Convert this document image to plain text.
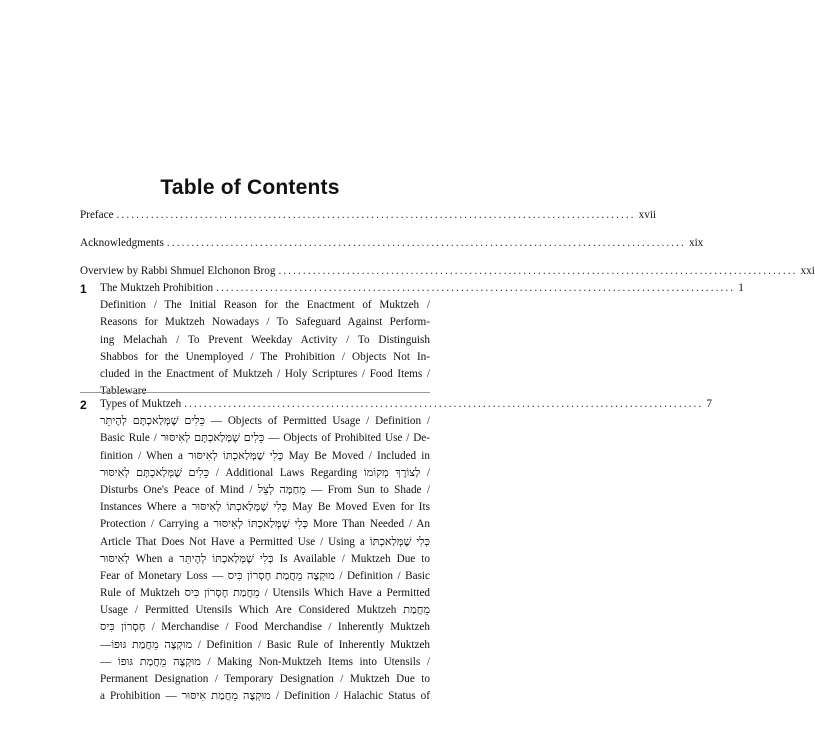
Table of Contents
Preface .......................................................................................................... xvii
Acknowledgments .......................................................................................................... xix
Overview by Rabbi Shmuel Elchonon Brog .......................................................................................................... xxi
1 The Muktzeh Prohibition .......................................................................................................... 1
Definition / The Initial Reason for the Enactment of Muktzeh /
Reasons for Muktzeh Nowadays / To Safeguard Against Perform-
ing Melachah / To Prevent Weekday Activity / To Distinguish
Shabbos for the Unemployed / The Prohibition / Objects Not In-
cluded in the Enactment of Muktzeh / Holy Scriptures / Food Items /
2 Types of Muktzeh .......................................................................................................... 7
כֵּלִים שֶׁמְּלַאכְתָּם לְהֶיתֵּר — Objects of Permitted Usage / Definition /
Basic Rule / כֵּלִים שֶׁמְּלַאכְתָּם לְאִיסּוּר — Objects of Prohibited Use / De-
finition / When a כְּלִי שֶׁמְּלַאכְתּוֹ לְאִיסּוּר May Be Moved / Included in
כֵּלִים שֶׁמְּלַאכְתָּם לְאִיסּוּר / Additional Laws Regarding לְצוֹרֶךְ מְקוֹמוֹ /
Disturbs One's Peace of Mind / מֵחַמָּה לְצֵל — From Sun to Shade /
Instances Where a כְּלִי שֶׁמְּלַאכְתּוֹ לְאִיסּוּר May Be Moved Even for Its
Protection / Carrying a כְּלִי שֶׁמְּלַאכְתּוֹ לְאִיסּוּר More Than Needed / An
Article That Does Not Have a Permitted Use / Using a כְּלִי שֶׁמְּלַאכְתּוֹ
לְאִיסּוּר When a כְּלִי שֶׁמְּלַאכְתּוֹ לְהֶיתֵּר Is Available / Muktzeh Due to
Fear of Monetary Loss — מוּקְצֶה מֵחֲמַת חֶסְרוֹן כִּיס / Definition / Basic
Rule of Muktzeh מֵחֲמַת חֶסְרוֹן כִּיס / Utensils Which Have a Permitted
Usage / Permitted Utensils Which Are Considered Muktzeh מֵחֲמַת
חֶסְרוֹן כִּיס / Merchandise / Food Merchandise / Inherently Muktzeh
—מוּקְצֶה מֵחֲמַת גּוּפוֹ / Definition / Basic Rule of Inherently Muktzeh
— מוּקְצֶה מֵחֲמַת גּוּפוֹ / Making Non-Muktzeh Items into Utensils /
Permanent Designation / Temporary Designation / Muktzeh Due to
a Prohibition — מוּקְצֶה מֵחֲמַת אִיסּוּר / Definition / Halachic Status of
